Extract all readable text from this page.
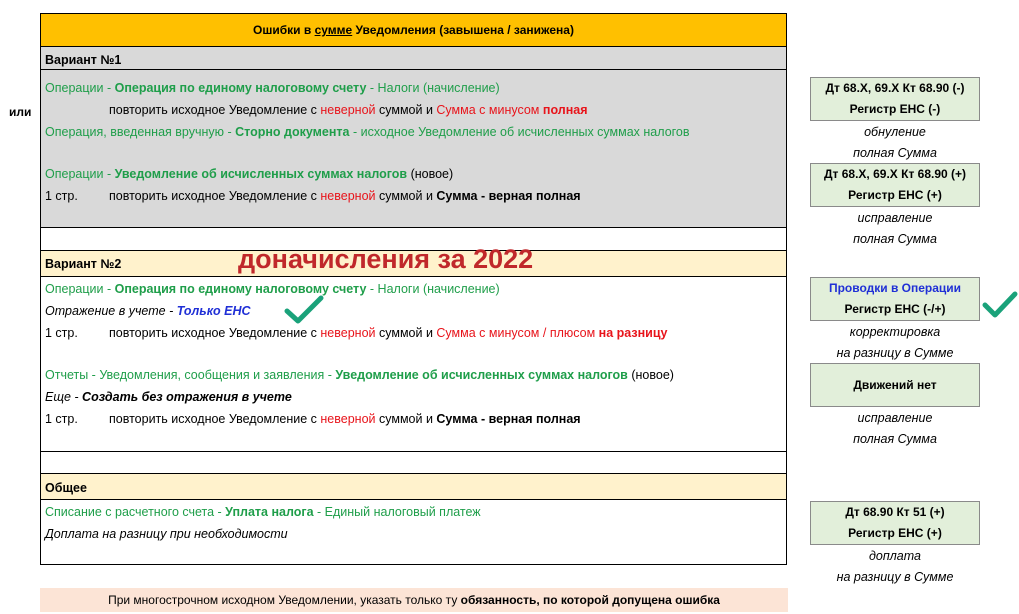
Ошибки в сумме Уведомления (завышена / занижена)
или
Вариант №1
Операции - Операция по единому налоговому счету - Налоги (начисление)
повторить исходное Уведомление с неверной суммой и Сумма с минусом полная
Операция, введенная вручную - Сторно документа - исходное Уведомление об исчисленных суммах налогов
Операции - Уведомление об исчисленных суммах налогов (новое)
1 стр. повторить исходное Уведомление с неверной суммой и Сумма - верная полная
Вариант №2	доначисления за 2022
Операции - Операция по единому налоговому счету - Налоги (начисление)
Отражение в учете - Только ЕНС
1 стр. повторить исходное Уведомление с неверной суммой и Сумма с минусом / плюсом на разницу
Отчеты - Уведомления, сообщения и заявления - Уведомление об исчисленных суммах налогов (новое)
Еще - Создать без отражения в учете
1 стр. повторить исходное Уведомление с неверной суммой и Сумма - верная полная
Общее
Списание с расчетного счета - Уплата налога - Единый налоговый платеж
Доплата на разницу при необходимости
Дт 68.Х, 69.Х Кт 68.90 (-)
Регистр ЕНС (-)
обнуление
полная Сумма
Дт 68.Х, 69.Х Кт 68.90 (+)
Регистр ЕНС (+)
исправление
полная Сумма
Проводки в Операции
Регистр ЕНС (-/+)
корректировка
на разницу в Сумме
Движений нет
исправление
полная Сумма
Дт 68.90 Кт 51 (+)
Регистр ЕНС (+)
доплата
на разницу в Сумме
При многострочном исходном Уведомлении, указать только ту обязанность, по которой допущена ошибка
